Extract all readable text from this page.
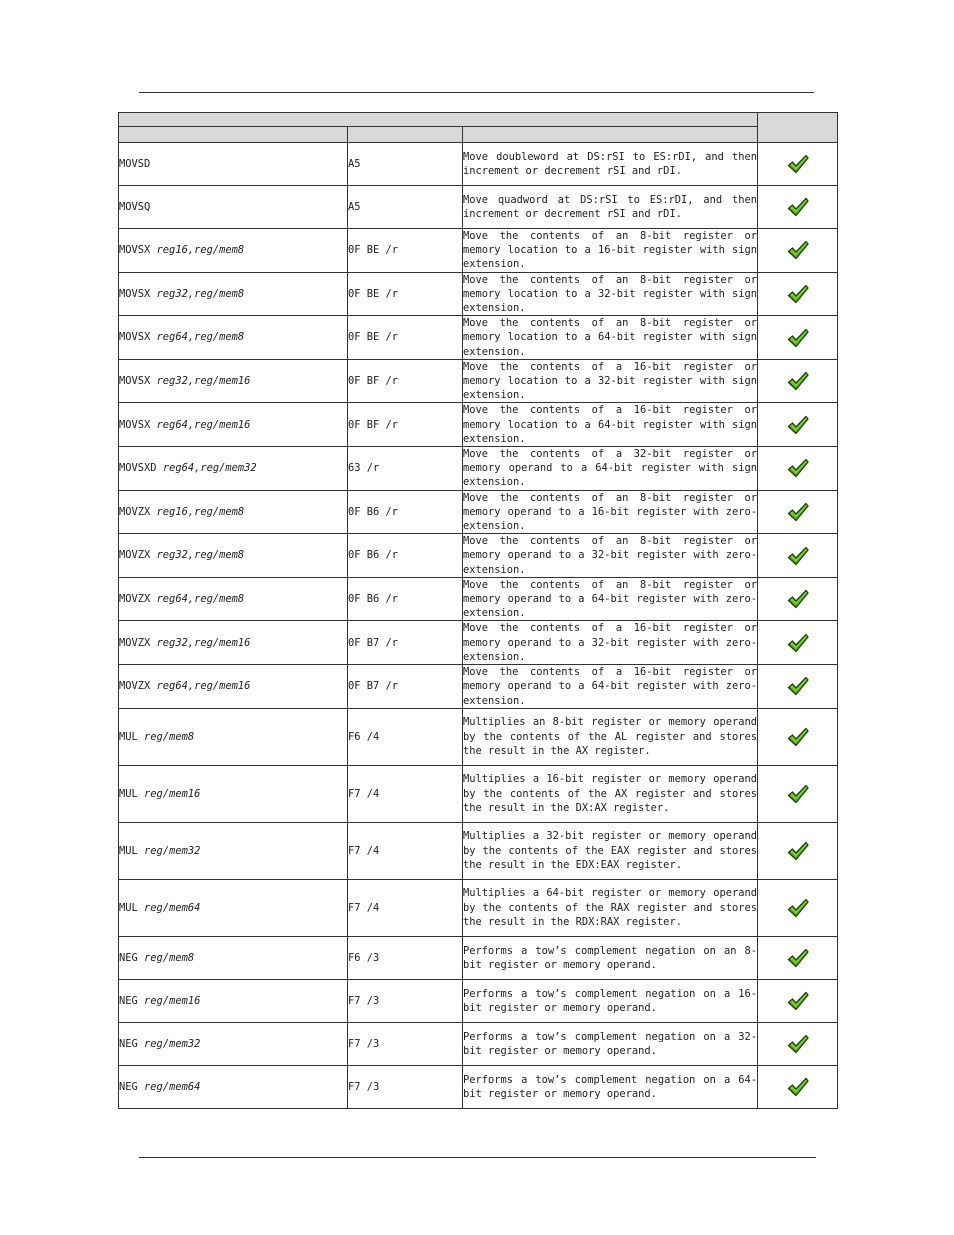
MOVSD	A5	Move doubleword at DS:rSI to ES:rDI, and then increment or decrement rSI and rDI.	

MOVSQ	A5	Move quadword at DS:rSI to ES:rDI, and then increment or decrement rSI and rDI.	

MOVSX reg16,reg/mem8	0F BE /r	Move the contents of an 8-bit register or memory location to a 16-bit register with sign extension.	

MOVSX reg32,reg/mem8	0F BE /r	Move the contents of an 8-bit register or memory location to a 32-bit register with sign extension.	

MOVSX reg64,reg/mem8	0F BE /r	Move the contents of an 8-bit register or memory location to a 64-bit register with sign extension.	

MOVSX reg32,reg/mem16	0F BF /r	Move the contents of a 16-bit register or memory location to a 32-bit register with sign extension.	

MOVSX reg64,reg/mem16	0F BF /r	Move the contents of a 16-bit register or memory location to a 64-bit register with sign extension.	

MOVSXD reg64,reg/mem32	63 /r	Move the contents of a 32-bit register or memory operand to a 64-bit register with sign extension.	

MOVZX reg16,reg/mem8	0F B6 /r	Move the contents of an 8-bit register or memory operand to a 16-bit register with zero-extension.	

MOVZX reg32,reg/mem8	0F B6 /r	Move the contents of an 8-bit register or memory operand to a 32-bit register with zero-extension.	

MOVZX reg64,reg/mem8	0F B6 /r	Move the contents of an 8-bit register or memory operand to a 64-bit register with zero-extension.	

MOVZX reg32,reg/mem16	0F B7 /r	Move the contents of a 16-bit register or memory operand to a 32-bit register with zero-extension.	

MOVZX reg64,reg/mem16	0F B7 /r	Move the contents of a 16-bit register or memory operand to a 64-bit register with zero-extension.	

MUL reg/mem8	F6 /4	Multiplies an 8-bit register or memory operand by the contents of the AL register and stores the result in the AX register.	

MUL reg/mem16	F7 /4	Multiplies a 16-bit register or memory operand by the contents of the AX register and stores the result in the DX:AX register.	

MUL reg/mem32	F7 /4	Multiplies a 32-bit register or memory operand by the contents of the EAX register and stores the result in the EDX:EAX register.	

MUL reg/mem64	F7 /4	Multiplies a 64-bit register or memory operand by the contents of the RAX register and stores the result in the RDX:RAX register.	

NEG reg/mem8	F6 /3	Performs a tow’s complement negation on an 8-bit register or memory operand.	

NEG reg/mem16	F7 /3	Performs a tow’s complement negation on a 16-bit register or memory operand.	

NEG reg/mem32	F7 /3	Performs a tow’s complement negation on a 32-bit register or memory operand.	

NEG reg/mem64	F7 /3	Performs a tow’s complement negation on a 64-bit register or memory operand.	
